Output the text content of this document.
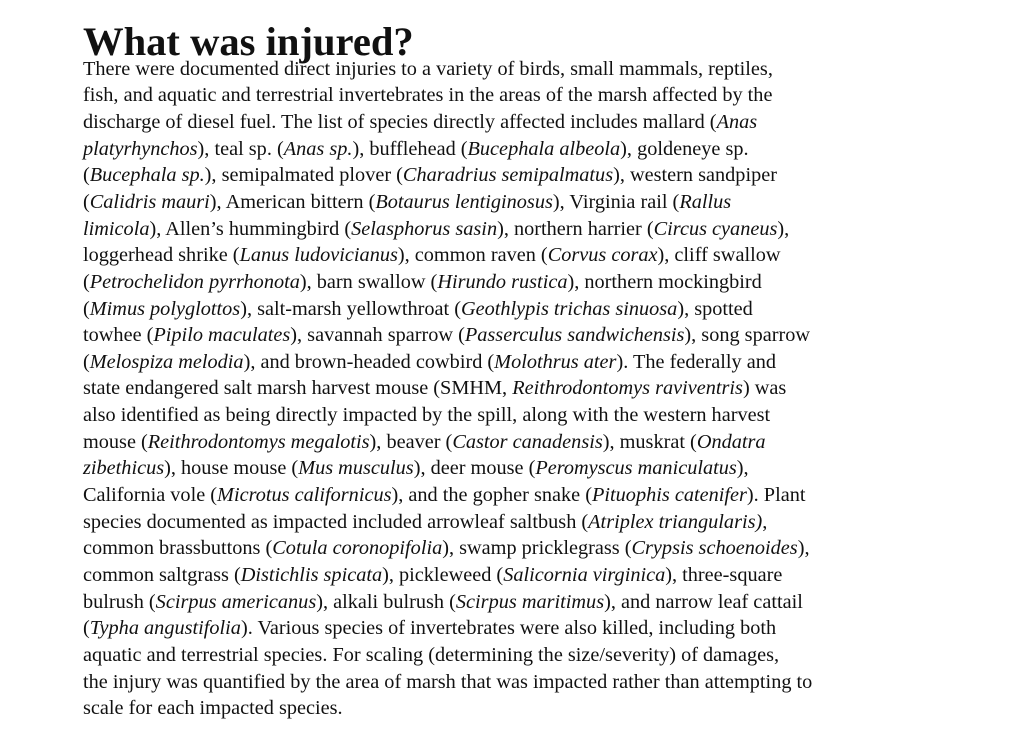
What was injured?
There were documented direct injuries to a variety of birds, small mammals, reptiles,
fish, and aquatic and terrestrial invertebrates in the areas of the marsh affected by the
discharge of diesel fuel. The list of species directly affected includes mallard (Anas
platyrhynchos), teal sp. (Anas sp.), bufflehead (Bucephala albeola), goldeneye sp.
(Bucephala sp.), semipalmated plover (Charadrius semipalmatus), western sandpiper
(Calidris mauri), American bittern (Botaurus lentiginosus), Virginia rail (Rallus
limicola), Allen’s hummingbird (Selasphorus sasin), northern harrier (Circus cyaneus),
loggerhead shrike (Lanus ludovicianus), common raven (Corvus corax), cliff swallow
(Petrochelidon pyrrhonota), barn swallow (Hirundo rustica), northern mockingbird
(Mimus polyglottos), salt-marsh yellowthroat (Geothlypis trichas sinuosa), spotted
towhee (Pipilo maculates), savannah sparrow (Passerculus sandwichensis), song sparrow
(Melospiza melodia), and brown-headed cowbird (Molothrus ater). The federally and
state endangered salt marsh harvest mouse (SMHM, Reithrodontomys raviventris) was
also identified as being directly impacted by the spill, along with the western harvest
mouse (Reithrodontomys megalotis), beaver (Castor canadensis), muskrat (Ondatra
zibethicus), house mouse (Mus musculus), deer mouse (Peromyscus maniculatus),
California vole (Microtus californicus), and the gopher snake (Pituophis catenifer). Plant
species documented as impacted included arrowleaf saltbush (Atriplex triangularis),
common brassbuttons (Cotula coronopifolia), swamp pricklegrass (Crypsis schoenoides),
common saltgrass (Distichlis spicata), pickleweed (Salicornia virginica), three-square
bulrush (Scirpus americanus), alkali bulrush (Scirpus maritimus), and narrow leaf cattail
(Typha angustifolia). Various species of invertebrates were also killed, including both
aquatic and terrestrial species. For scaling (determining the size/severity) of damages,
the injury was quantified by the area of marsh that was impacted rather than attempting to
scale for each impacted species.
